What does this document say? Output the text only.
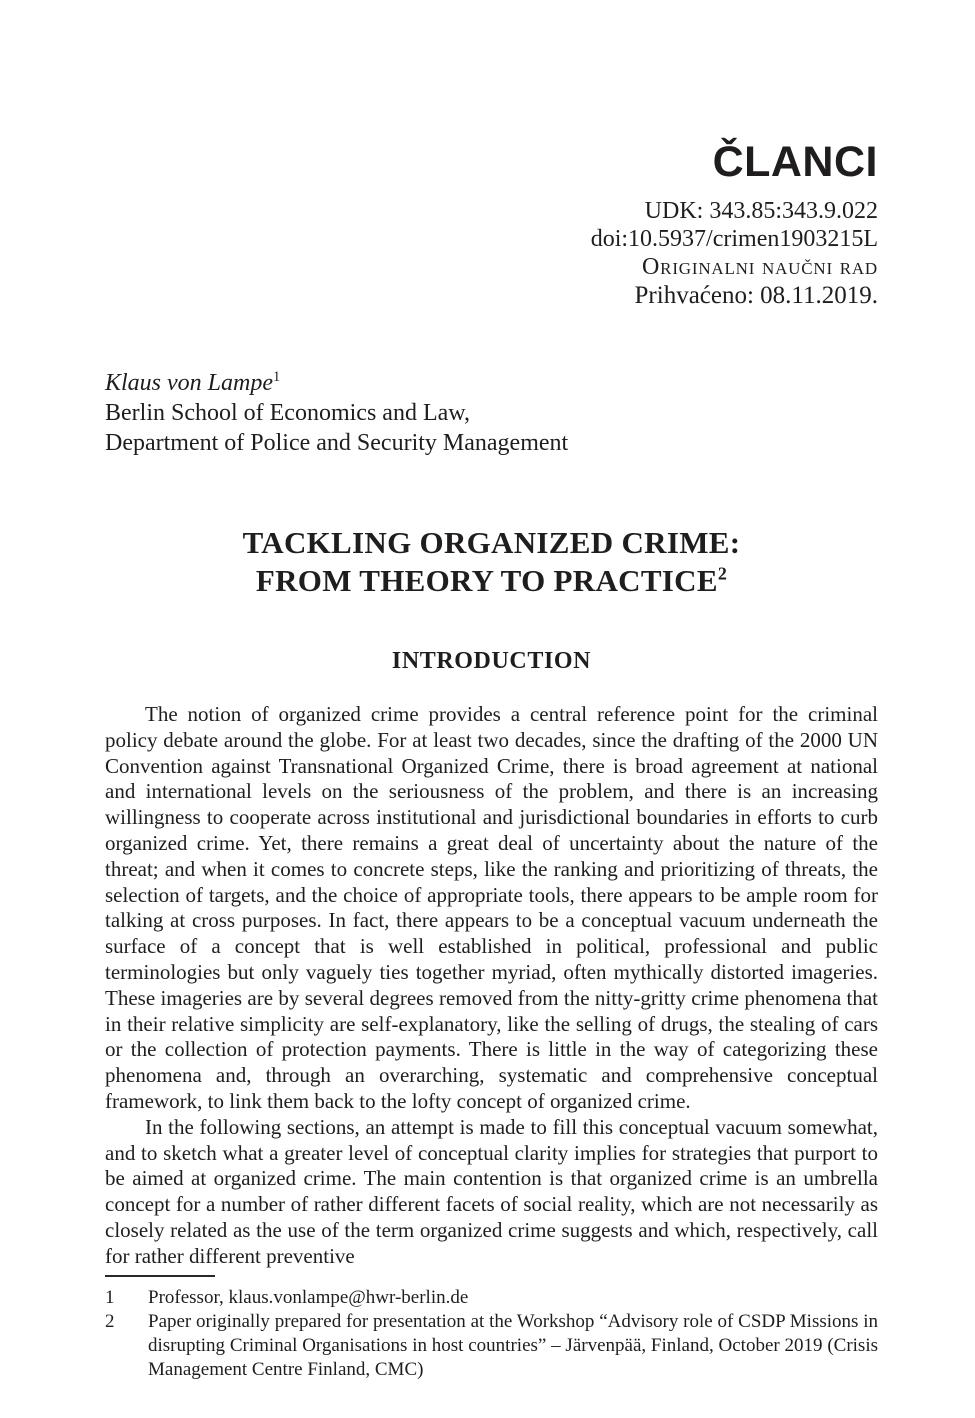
ČLANCI
UDK: 343.85:343.9.022
doi:10.5937/crimen1903215L
Originalni naučni rad
Prihvaćeno: 08.11.2019.
Klaus von Lampe$^1$
Berlin School of Economics and Law,
Department of Police and Security Management
TACKLING ORGANIZED CRIME:
FROM THEORY TO PRACTICE$^2$
INTRODUCTION

The notion of organized crime provides a central reference point for the criminal policy debate around the globe. For at least two decades, since the drafting of the 2000 UN Convention against Transnational Organized Crime, there is broad agreement at national and international levels on the seriousness of the problem, and there is an increasing willingness to cooperate across institutional and jurisdictional boundaries in efforts to curb organized crime. Yet, there remains a great deal of uncertainty about the nature of the threat; and when it comes to concrete steps, like the ranking and prioritizing of threats, the selection of targets, and the choice of appropriate tools, there appears to be ample room for talking at cross purposes. In fact, there appears to be a conceptual vacuum underneath the surface of a concept that is well established in political, professional and public terminologies but only vaguely ties together myriad, often mythically distorted imageries. These imageries are by several degrees removed from the nitty-gritty crime phenomena that in their relative simplicity are self-explanatory, like the selling of drugs, the stealing of cars or the collection of protection payments. There is little in the way of categorizing these phenomena and, through an overarching, systematic and comprehensive conceptual framework, to link them back to the lofty concept of organized crime.

In the following sections, an attempt is made to fill this conceptual vacuum somewhat, and to sketch what a greater level of conceptual clarity implies for strategies that purport to be aimed at organized crime. The main contention is that organized crime is an umbrella concept for a number of rather different facets of social reality, which are not necessarily as closely related as the use of the term organized crime suggests and which, respectively, call for rather different preventive

1	Professor, klaus.vonlampe@hwr-berlin.de
2	Paper originally prepared for presentation at the Workshop “Advisory role of CSDP Missions in disrupting Criminal Organisations in host countries” – Järvenpää, Finland, October 2019 (Crisis Management Centre Finland, CMC)
